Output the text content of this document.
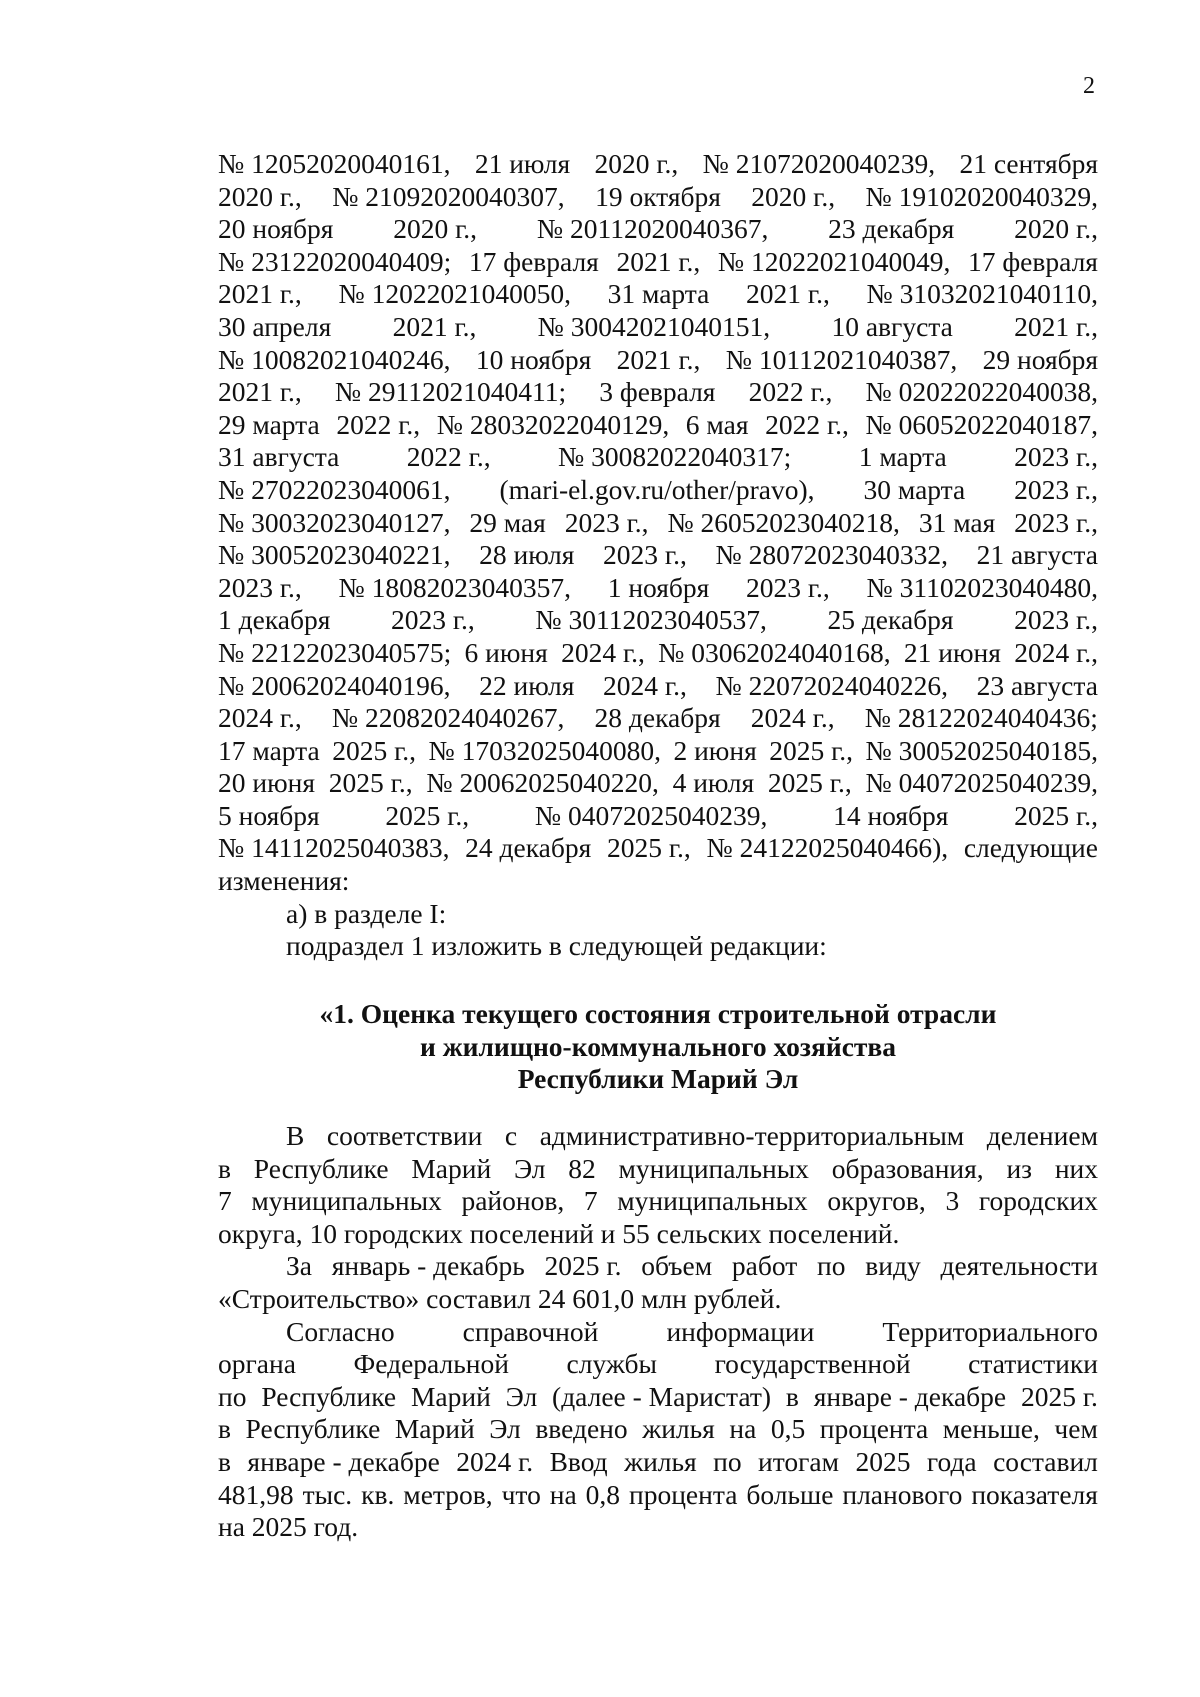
2
№ 12052020040161, 21 июля 2020 г., № 21072020040239, 21 сентября
2020 г., № 21092020040307, 19 октября 2020 г., № 19102020040329,
20 ноября 2020 г., № 20112020040367, 23 декабря 2020 г.,
№ 23122020040409; 17 февраля 2021 г., № 12022021040049, 17 февраля
2021 г., № 12022021040050, 31 марта 2021 г., № 31032021040110,
30 апреля 2021 г., № 30042021040151, 10 августа 2021 г.,
№ 10082021040246, 10 ноября 2021 г., № 10112021040387, 29 ноября
2021 г., № 29112021040411; 3 февраля 2022 г., № 02022022040038,
29 марта 2022 г., № 28032022040129, 6 мая 2022 г., № 06052022040187,
31 августа 2022 г., № 30082022040317; 1 марта 2023 г.,
№ 27022023040061, (mari-el.gov.ru/other/pravo), 30 марта 2023 г.,
№ 30032023040127, 29 мая 2023 г., № 26052023040218, 31 мая 2023 г.,
№ 30052023040221, 28 июля 2023 г., № 28072023040332, 21 августа
2023 г., № 18082023040357, 1 ноября 2023 г., № 31102023040480,
1 декабря 2023 г., № 30112023040537, 25 декабря 2023 г.,
№ 22122023040575; 6 июня 2024 г., № 03062024040168, 21 июня 2024 г.,
№ 20062024040196, 22 июля 2024 г., № 22072024040226, 23 августа
2024 г., № 22082024040267, 28 декабря 2024 г., № 28122024040436;
17 марта 2025 г., № 17032025040080, 2 июня 2025 г., № 30052025040185,
20 июня 2025 г., № 20062025040220, 4 июля 2025 г., № 04072025040239,
5 ноября 2025 г., № 04072025040239, 14 ноября 2025 г.,
№ 14112025040383, 24 декабря 2025 г., № 24122025040466), следующие
изменения:
а) в разделе I:
подраздел 1 изложить в следующей редакции:
«1. Оценка текущего состояния строительной отрасли
и жилищно-коммунального хозяйства
Республики Марий Эл
В соответствии с административно-территориальным делением
в Республике Марий Эл 82 муниципальных образования, из них
7 муниципальных районов, 7 муниципальных округов, 3 городских
округа, 10 городских поселений и 55 сельских поселений.
За январь - декабрь 2025 г. объем работ по виду деятельности
«Строительство» составил 24 601,0 млн рублей.
Согласно справочной информации Территориального
органа Федеральной службы государственной статистики
по Республике Марий Эл (далее - Маристат) в январе - декабре 2025 г.
в Республике Марий Эл введено жилья на 0,5 процента меньше, чем
в январе - декабре 2024 г. Ввод жилья по итогам 2025 года составил
481,98 тыс. кв. метров, что на 0,8 процента больше планового показателя
на 2025 год.
